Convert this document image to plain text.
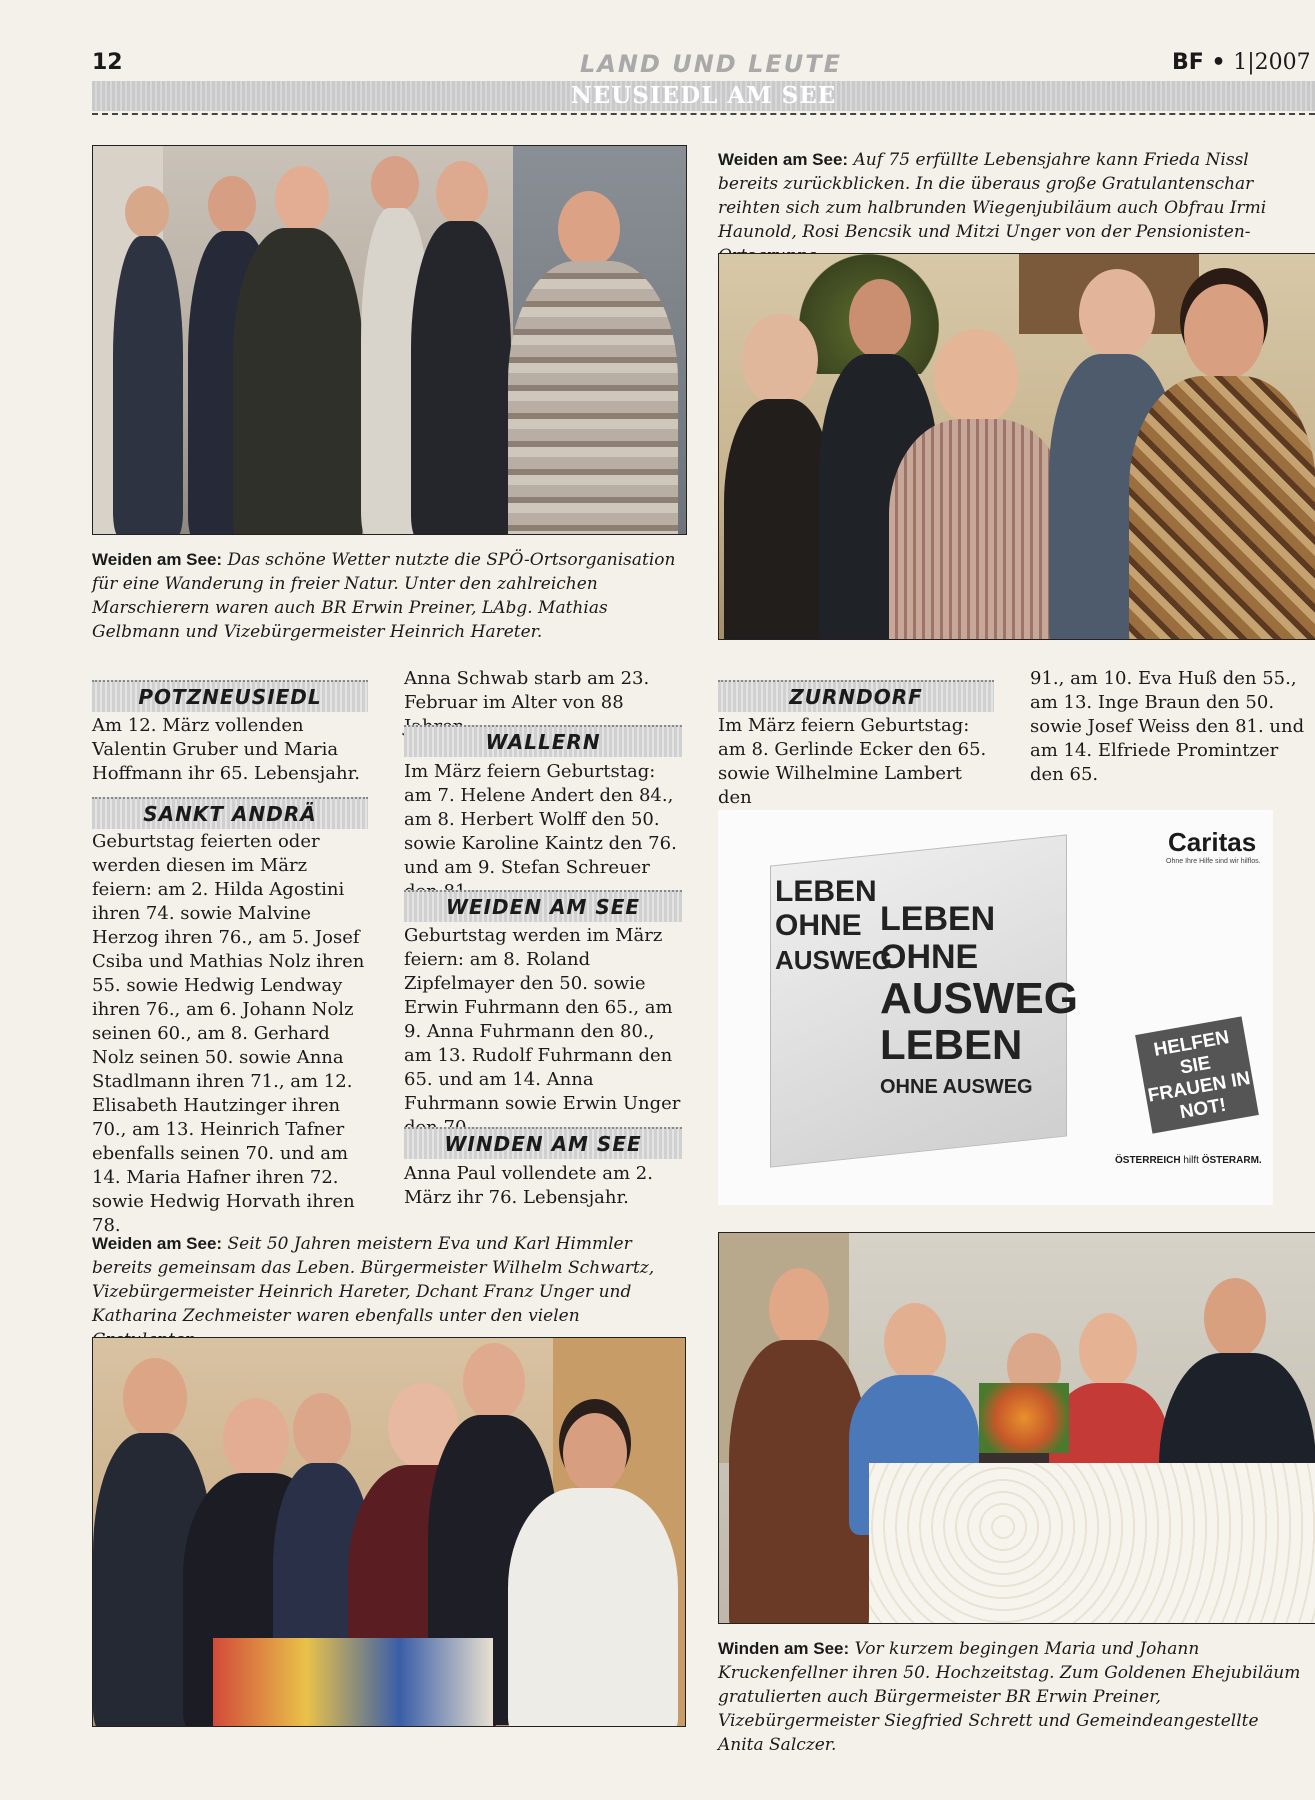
12	LAND UND LEUTE	BF • 1|2007
NEUSIEDL AM SEE
Weiden am See: Das schöne Wetter nutzte die SPÖ-Ortsorganisation für eine Wanderung in freier Natur. Unter den zahlreichen Marschierern waren auch BR Erwin Preiner, LAbg. Mathias Gelbmann und Vizebürgermeister Heinrich Hareter.
Weiden am See: Auf 75 erfüllte Lebensjahre kann Frieda Nissl bereits zurückblicken. In die überaus große Gratulantenschar reihten sich zum halbrunden Wiegenjubiläum auch Obfrau Irmi Haunold, Rosi Bencsik und Mitzi Unger von der Pensionisten-
POTZNEUSIEDL
Am 12. März vollenden Valentin Gruber und Maria Hoffmann ihr 65. Lebensjahr.
SANKT ANDRÄ
Geburtstag feierten oder werden diesen im März feiern: am 2. Hilda Agostini ihren 74. sowie Malvine Herzog ihren 76., am 5. Josef Csiba und Mathias Nolz ihren 55. sowie Hedwig Lendway ihren 76., am 6. Johann Nolz seinen 60., am 8. Gerhard Nolz seinen 50. sowie Anna Stadlmann ihren 71., am 12. Elisabeth Hautzinger ihren 70., am 13. Heinrich Tafner ebenfalls seinen 70. und am 14. Maria Hafner ihren 72. sowie Hedwig Horvath ihren 78.
Anna Schwab starb am 23. Februar im Alter von 88
WALLERN
Im März feiern Geburtstag: am 7. Helene Andert den 84., am 8. Herbert Wolff den 50. sowie Karoline Kaintz den 76. und am 9. Stefan Schreuer
WEIDEN AM SEE
Geburtstag werden im März feiern: am 8. Roland Zipfelmayer den 50. sowie Erwin Fuhrmann den 65., am 9. Anna Fuhrmann den 80., am 13. Rudolf Fuhrmann den 65. und am 14. Anna Fuhrmann sowie Erwin Unger
WINDEN AM SEE
Anna Paul vollendete am 2. März ihr 76. Lebensjahr.
ZURNDORF
Im März feiern Geburtstag: am 8. Gerlinde Ecker den 65. sowie Wilhelmine Lambert den
91., am 10. Eva Huß den 55., am 13. Inge Braun den 50. sowie Josef Weiss den 81. und am 14. Elfriede Promintzer den 65.
LEBEN
OHNE
AUSWEG
LEBEN OHNE
AUSWEG
LEBEN
OHNE AUSWEG
Caritas
Ohne Ihre Hilfe sind wir hilflos.
HELFEN SIE FRAUEN IN NOT!
ÖSTERREICH hilft ÖSTERARM.
Weiden am See: Seit 50 Jahren meistern Eva und Karl Himmler bereits gemeinsam das Leben. Bürgermeister Wilhelm Schwartz, Vizebürgermeister Heinrich Hareter, Dchant Franz Unger und Katharina Zechmeister waren ebenfalls unter den vielen
Winden am See: Vor kurzem begingen Maria und Johann Kruckenfellner ihren 50. Hochzeitstag. Zum Goldenen Ehejubiläum gratulierten auch Bürgermeister BR Erwin Preiner, Vizebürgermeister Siegfried Schrett und Gemeindeangestellte Anita Salczer.
